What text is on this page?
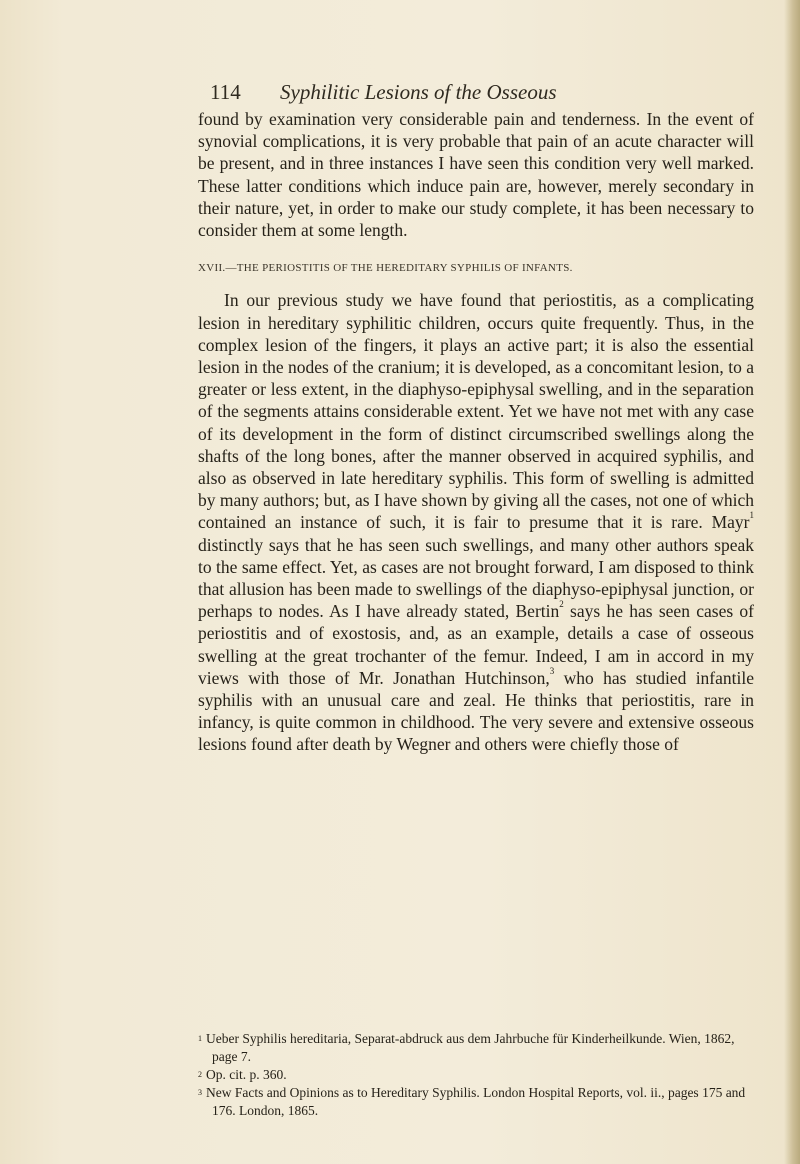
114 Syphilitic Lesions of the Osseous

found by examination very considerable pain and tenderness. In the event of synovial complications, it is very probable that pain of an acute character will be present, and in three instances I have seen this condition very well marked. These latter conditions which induce pain are, however, merely secondary in their nature, yet, in order to make our study complete, it has been necessary to consider them at some length.

XVII.—THE PERIOSTITIS OF THE HEREDITARY SYPHILIS OF INFANTS.

In our previous study we have found that periostitis, as a complicating lesion in hereditary syphilitic children, occurs quite frequently. Thus, in the complex lesion of the fingers, it plays an active part; it is also the essential lesion in the nodes of the cranium; it is developed, as a concomitant lesion, to a greater or less extent, in the diaphyso-epiphysal swelling, and in the separation of the segments attains considerable extent. Yet we have not met with any case of its development in the form of distinct circumscribed swellings along the shafts of the long bones, after the manner observed in acquired syphilis, and also as observed in late hereditary syphilis. This form of swelling is admitted by many authors; but, as I have shown by giving all the cases, not one of which contained an instance of such, it is fair to presume that it is rare. Mayr$^1$ distinctly says that he has seen such swellings, and many other authors speak to the same effect. Yet, as cases are not brought forward, I am disposed to think that allusion has been made to swellings of the diaphyso-epiphysal junction, or perhaps to nodes. As I have already stated, Bertin$^2$ says he has seen cases of periostitis and of exostosis, and, as an example, details a case of osseous swelling at the great trochanter of the femur. Indeed, I am in accord in my views with those of Mr. Jonathan Hutchinson,$^3$ who has studied infantile syphilis with an unusual care and zeal. He thinks that periostitis, rare in infancy, is quite common in childhood. The very severe and extensive osseous lesions found after death by Wegner and others were chiefly those of

$^1$ Ueber Syphilis hereditaria, Separat-abdruck aus dem Jahrbuche für Kinderheilkunde. Wien, 1862, page 7.

$^2$ Op. cit. p. 360.

$^3$ New Facts and Opinions as to Hereditary Syphilis. London Hospital Reports, vol. ii., pages 175 and 176. London, 1865.
